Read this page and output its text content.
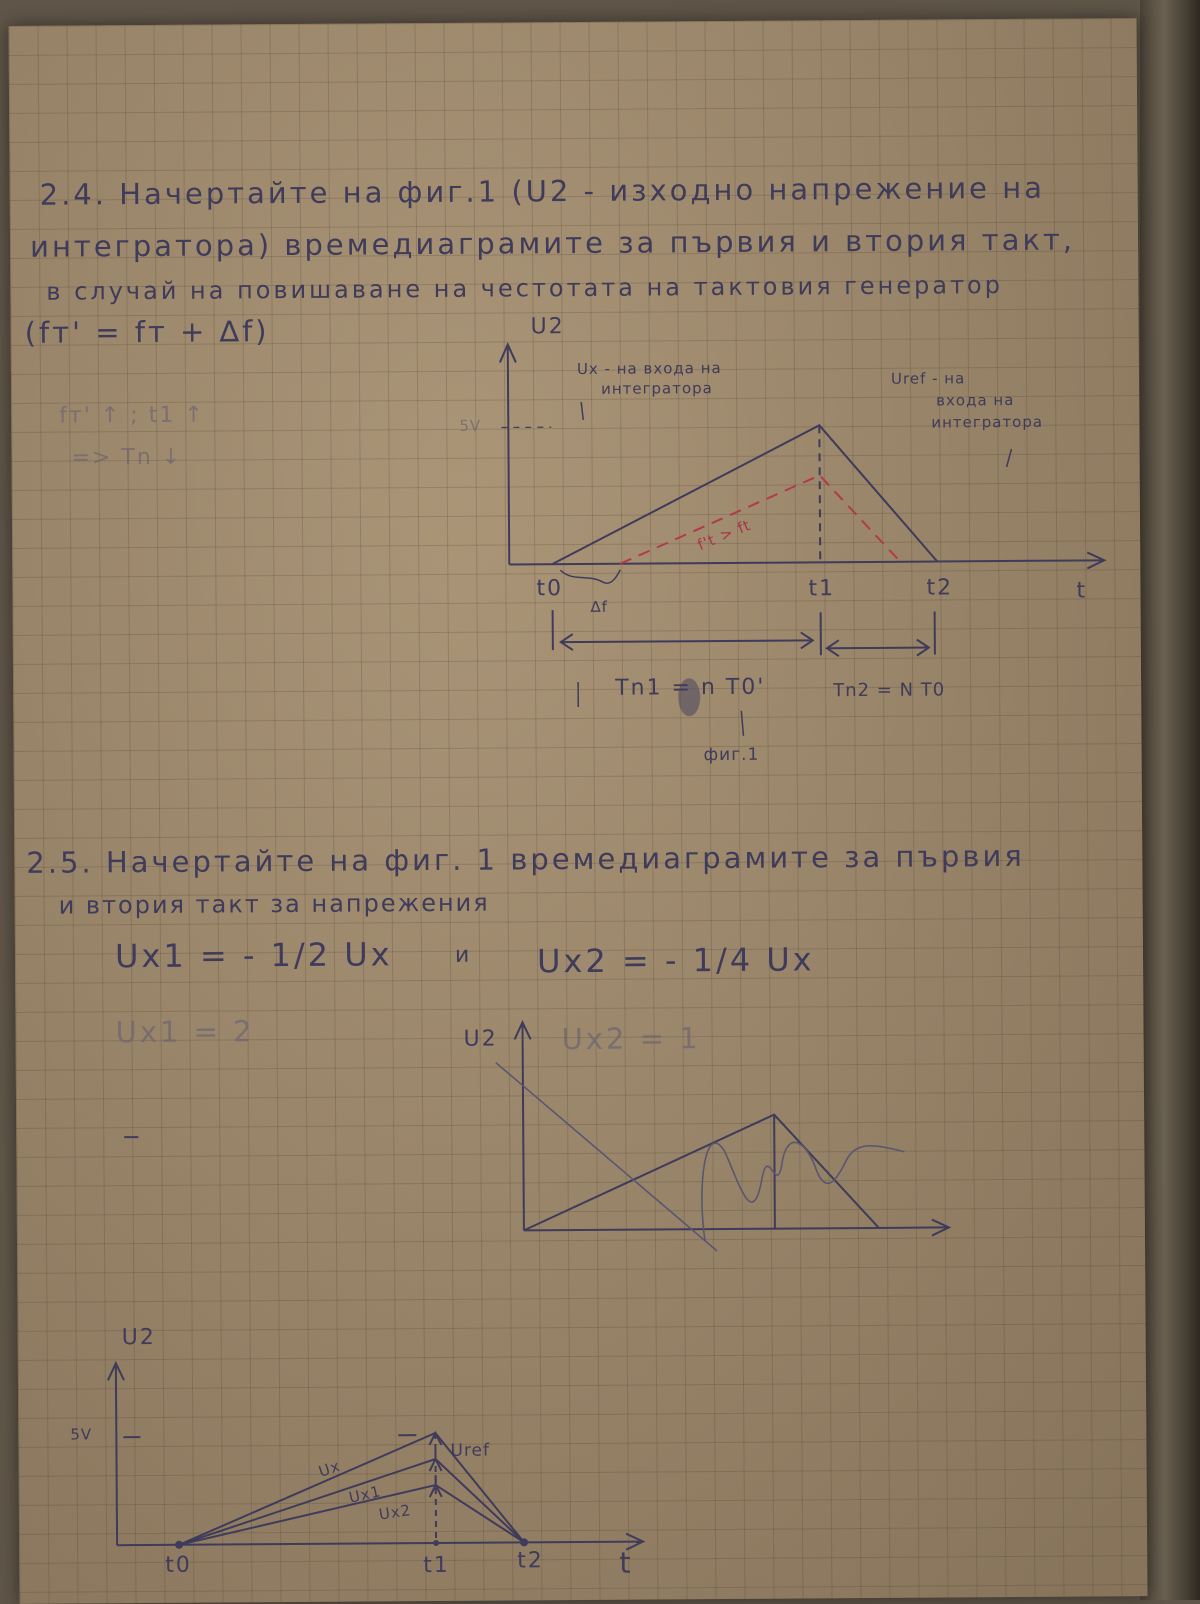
2.4. Начертайте на фиг.1 (U2 - изходно напрежение на
интегратора) времедиаграмите за първия и втория такт,
в случай на повишаване на честотата на тактовия генератор
(fт' = fт + ∆f)
fт' ↑ ; t1 ↑
=> Tn ↓
U2
5V
Ux - на входа на
интегратора
Uref - на
входа на
интегратора
f't > ft
t0
∆f
t1	t2	t
Tn1 = n T0'	Tn2 = N T0
фиг.1
2.5. Начертайте на фиг. 1 времедиаграмите за първия
и втория такт за напрежения
Ux1 = - 1/2 Ux	и Ux2 = - 1/4 Ux
Ux1 = 2	Ux2 = 1
U2
U2
5V
Ux
Ux1
Ux2
Uref
t0	t1	t2	t
